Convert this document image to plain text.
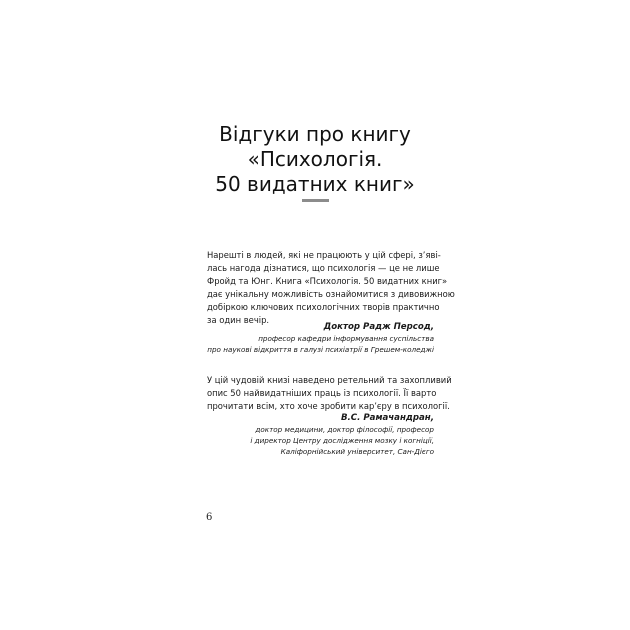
Відгуки про книгу
«Психологія.
50 видатних книг»
Нарешті в людей, які не працюють у цій сфері, з’яві-
лась нагода дізнатися, що психологія — це не лише
Фройд та Юнг. Книга «Психологія. 50 видатних книг»
дає унікальну можливість ознайомитися з дивовижною
добіркою ключових психологічних творів практично
за один вечір.
Доктор Радж Персод,
професор кафедри інформування суспільства
про наукові відкриття в галузі психіатрії в Грешем-коледжі
У цій чудовій книзі наведено ретельний та захопливий
опис 50 найвидатніших праць із психології. Її варто
прочитати всім, хто хоче зробити кар’єру в психології.
В.С. Рамачандран,
доктор медицини, доктор філософії, професор
і директор Центру дослідження мозку і когніції,
Каліфорнійський університет, Сан-Дієго
6
